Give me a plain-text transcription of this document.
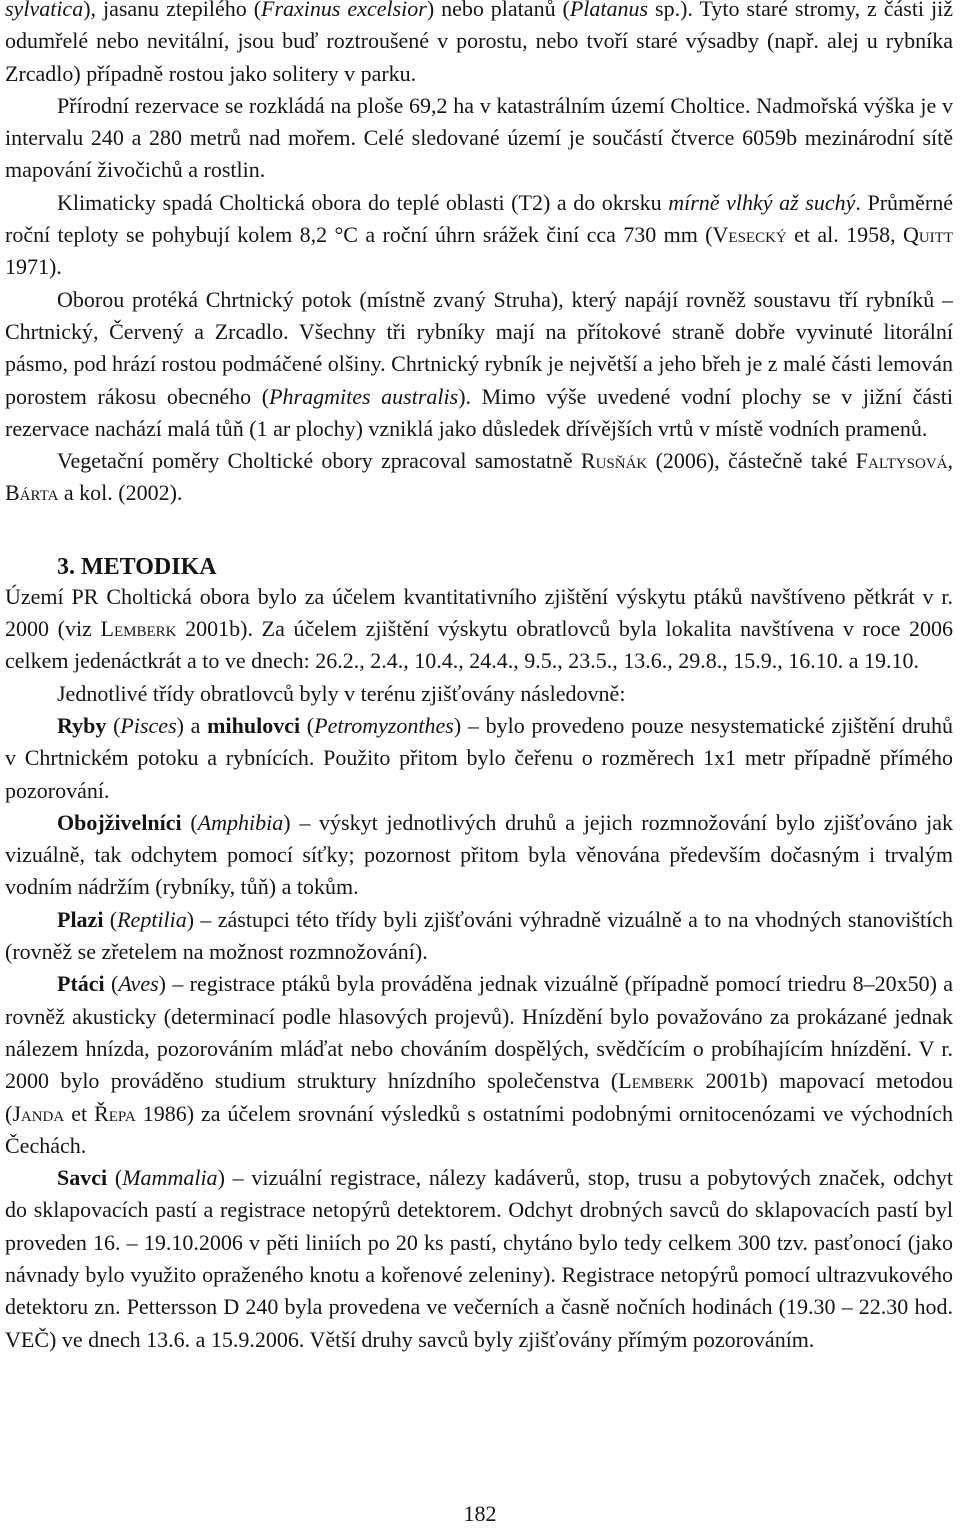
sylvatica), jasanu ztepilého (Fraxinus excelsior) nebo platanů (Platanus sp.). Tyto staré stromy, z části již odumřelé nebo nevitální, jsou buď roztroušené v porostu, nebo tvoří staré výsadby (např. alej u rybníka Zrcadlo) případně rostou jako solitery v parku.

Přírodní rezervace se rozkládá na ploše 69,2 ha v katastrálním území Choltice. Nadmořská výška je v intervalu 240 a 280 metrů nad mořem. Celé sledované území je součástí čtverce 6059b mezinárodní sítě mapování živočichů a rostlin.

Klimaticky spadá Choltická obora do teplé oblasti (T2) a do okrsku mírně vlhký až suchý. Průměrné roční teploty se pohybují kolem 8,2 °C a roční úhrn srážek činí cca 730 mm (Vesecký et al. 1958, Quitt 1971).

Oborou protéká Chrtnický potok (místně zvaný Struha), který napájí rovněž soustavu tří rybníků – Chrtnický, Červený a Zrcadlo. Všechny tři rybníky mají na přítokové straně dobře vyvinuté litorální pásmo, pod hrází rostou podmáčené olšiny. Chrtnický rybník je největší a jeho břeh je z malé části lemován porostem rákosu obecného (Phragmites australis). Mimo výše uvedené vodní plochy se v jižní části rezervace nachází malá tůň (1 ar plochy) vzniklá jako důsledek dřívějších vrtů v místě vodních pramenů.

Vegetační poměry Choltické obory zpracoval samostatně Rusňák (2006), částečně také Faltysová, Bárta a kol. (2002).

3. METODIKA

Území PR Choltická obora bylo za účelem kvantitativního zjištění výskytu ptáků navštíveno pětkrát v r. 2000 (viz Lemberk 2001b). Za účelem zjištění výskytu obratlovců byla lokalita navštívena v roce 2006 celkem jedenáctkrát a to ve dnech: 26.2., 2.4., 10.4., 24.4., 9.5., 23.5., 13.6., 29.8., 15.9., 16.10. a 19.10.

Jednotlivé třídy obratlovců byly v terénu zjišťovány následovně:

Ryby (Pisces) a mihulovci (Petromyzonthes) – bylo provedeno pouze nesystematické zjištění druhů v Chrtnickém potoku a rybnících. Použito přitom bylo čeřenu o rozměrech 1x1 metr případně přímého pozorování.

Obojživelníci (Amphibia) – výskyt jednotlivých druhů a jejich rozmnožování bylo zjišťováno jak vizuálně, tak odchytem pomocí síťky; pozornost přitom byla věnována především dočasným i trvalým vodním nádržím (rybníky, tůň) a tokům.

Plazi (Reptilia) – zástupci této třídy byli zjišťováni výhradně vizuálně a to na vhodných stanovištích (rovněž se zřetelem na možnost rozmnožování).

Ptáci (Aves) – registrace ptáků byla prováděna jednak vizuálně (případně pomocí triedru 8–20x50) a rovněž akusticky (determinací podle hlasových projevů). Hnízdění bylo považováno za prokázané jednak nálezem hnízda, pozorováním mláďat nebo chováním dospělých, svědčícím o probíhajícím hnízdění. V r. 2000 bylo prováděno studium struktury hnízdního společenstva (Lemberk 2001b) mapovací metodou (Janda et Řepa 1986) za účelem srovnání výsledků s ostatními podobnými ornitocenózami ve východních Čechách.

Savci (Mammalia) – vizuální registrace, nálezy kadáverů, stop, trusu a pobytových značek, odchyt do sklapovacích pastí a registrace netopýrů detektorem. Odchyt drobných savců do sklapovacích pastí byl proveden 16. – 19.10.2006 v pěti liniích po 20 ks pastí, chytáno bylo tedy celkem 300 tzv. pasťonocí (jako návnady bylo využito opraženého knotu a kořenové zeleniny). Registrace netopýrů pomocí ultrazvukového detektoru zn. Pettersson D 240 byla provedena ve večerních a časně nočních hodinách (19.30 – 22.30 hod. VEČ) ve dnech 13.6. a 15.9.2006. Větší druhy savců byly zjišťovány přímým pozorováním.

182
